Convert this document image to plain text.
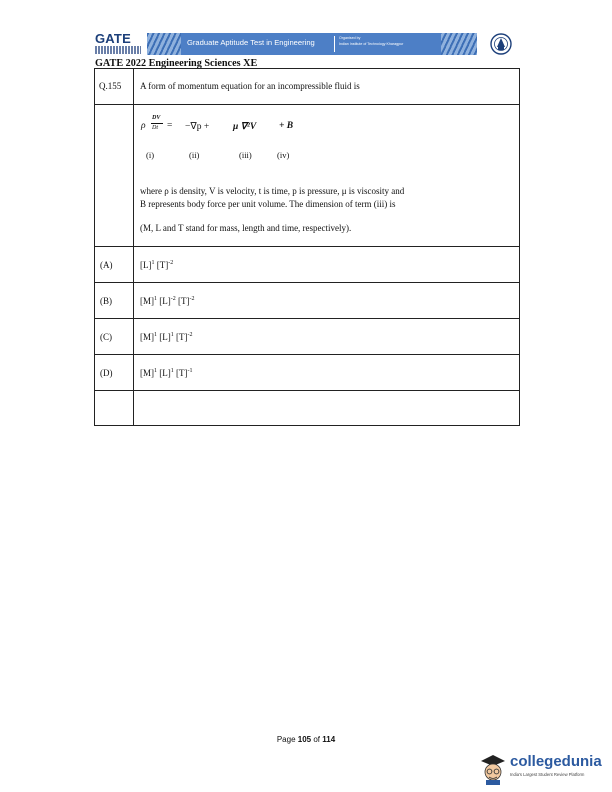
GATE	Graduate Aptitude Test in Engineering	Organised by
Indian Institute of Technology Kharagpur
GATE 2022 Engineering Sciences XE
Q.155 A form of momentum equation for an incompressible fluid is
ρ
DV
Dt = −∇p +	μ ∇²V + B
(i)	(ii)	(iii)	(iv)
where ρ is density, V is velocity, t is time, p is pressure, μ is viscosity and
B represents body force per unit volume. The dimension of term (iii) is
(M, L and T stand for mass, length and time, respectively).
(A)	$[L]^1$ $[T]^{-2}$
(B)	$[M]^1$ $[L]^{-2}$ $[T]^{-2}$
(C)	$[M]^1$ $[L]^1$ $[T]^{-2}$
(D)	$[M]^1$ $[L]^1$ $[T]^{-1}$
Page 105 of 114
collegedunia
India's Largest Student Review Platform
